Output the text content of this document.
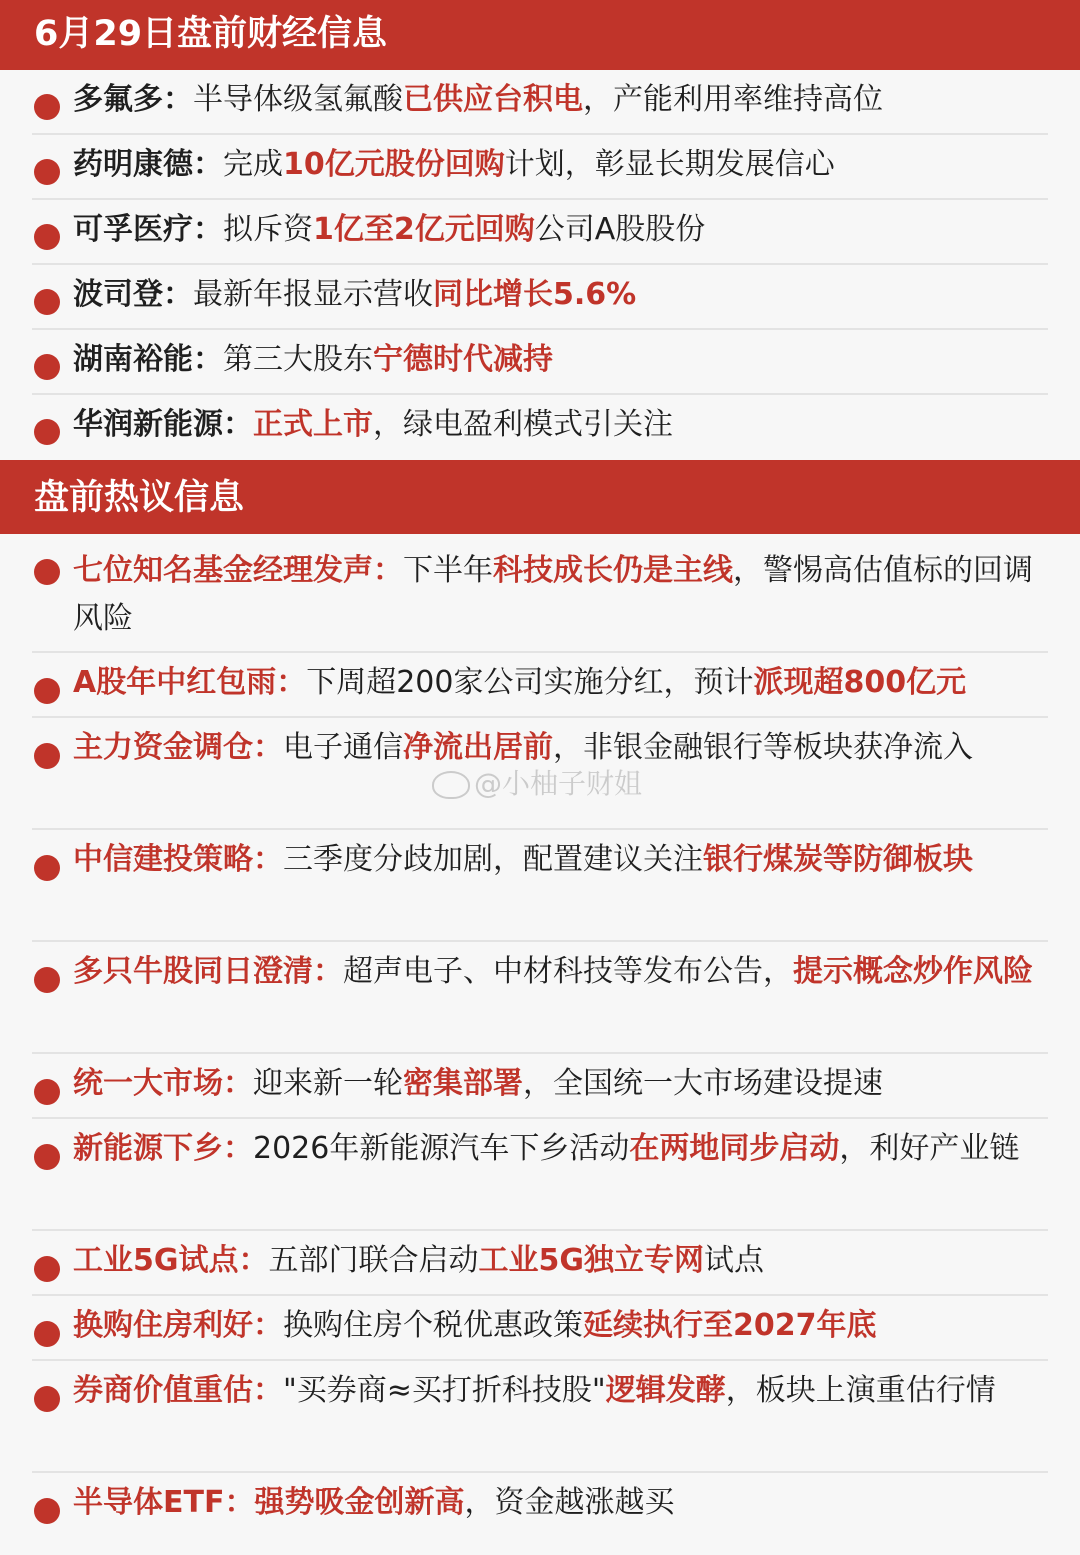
6月29日盘前财经信息
多氟多：半导体级氢氟酸已供应台积电，产能利用率维持高位
药明康德：完成10亿元股份回购计划，彰显长期发展信心
可孚医疗：拟斥资1亿至2亿元回购公司A股股份
波司登：最新年报显示营收同比增长5.6%
湖南裕能：第三大股东宁德时代减持
华润新能源：正式上市，绿电盈利模式引关注
盘前热议信息
七位知名基金经理发声：下半年科技成长仍是主线，警惕高估值标的回调风险
A股年中红包雨：下周超200家公司实施分红，预计派现超800亿元
主力资金调仓：电子通信净流出居前，非银金融银行等板块获净流入
中信建投策略：三季度分歧加剧，配置建议关注银行煤炭等防御板块
多只牛股同日澄清：超声电子、中材科技等发布公告，提示概念炒作风险
统一大市场：迎来新一轮密集部署，全国统一大市场建设提速
新能源下乡：2026年新能源汽车下乡活动在两地同步启动，利好产业链
工业5G试点：五部门联合启动工业5G独立专网试点
换购住房利好：换购住房个税优惠政策延续执行至2027年底
券商价值重估："买券商≈买打折科技股"逻辑发酵，板块上演重估行情
半导体ETF：强势吸金创新高，资金越涨越买
@小柚子财姐
